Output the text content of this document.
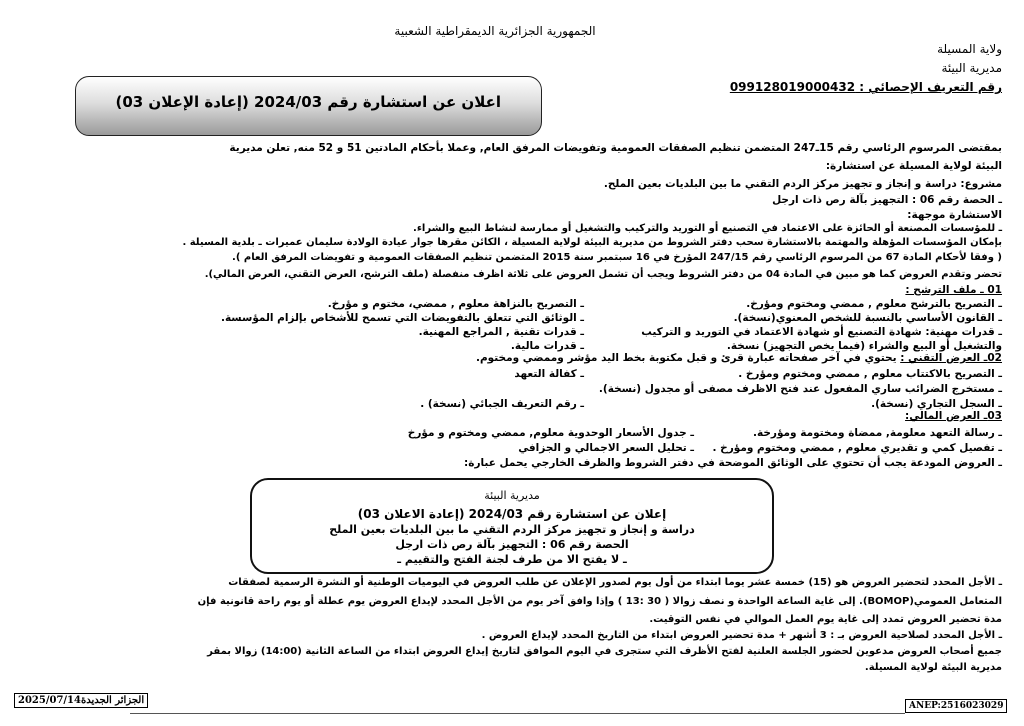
الجمهورية الجزائرية الديمقراطية الشعبية
ولاية المسيلة
مديرية البيئة
رقم التعريف الإحصائي : 099128019000432
اعلان عن استشارة رقم 2024/03 (إعادة الإعلان 03)
بمقتضى المرسوم الرئاسي رقم 15ـ247 المتضمن تنظيم الصفقات العمومية وتفويضات المرفق العام, وعملا بأحكام المادتين 51 و 52 منه, تعلن مديرية
البيئة لولاية المسيلة عن استشارة:
مشروع: دراسة و إنجاز و تجهيز مركز الردم التقني ما بين البلديات بعين الملح.
ـ الحصة رقم 06 : التجهيز بآلة رص ذات ارجل
الاستشارة موجهة:
ـ للمؤسسات المصنعة أو الحائزة على الاعتماد في التصنيع أو التوريد والتركيب والتشغيل أو ممارسة لنشاط البيع والشراء.
بإمكان المؤسسات المؤهلة والمهتمة بالاستشارة سحب دفتر الشروط من مديرية البيئة لولاية المسيلة ، الكائن مقرها جوار عيادة الولادة سليمان عميرات ـ بلدية المسيلة .
( وفقا لأحكام المادة 67 من المرسوم الرئاسي رقم 247/15 المؤرخ في 16 سبتمبر سنة 2015 المتضمن تنظيم الصفقات العمومية و تفويضات المرفق العام ).
تحضر وتقدم العروض كما هو مبين في المادة 04 من دفتر الشروط ويجب أن تشمل العروض على ثلاثة اظرف منفصلة (ملف الترشح، العرض التقني، العرض المالي).
01 ـ ملف الترشح :
ـ التصريح بالترشح معلوم , ممضي ومختوم ومؤرخ.
ـ القانون الأساسي بالنسبة للشخص المعنوي(نسخة).
ـ قدرات مهنية: شهادة التصنيع أو شهادة الاعتماد في التوريد و التركيب
والتشغيل أو البيع والشراء (فيما يخص التجهيز) نسخة.
ـ التصريح بالنزاهة معلوم , ممضي، مختوم و مؤرخ.
ـ الوثائق التي تتعلق بالتفويضات التي تسمح للأشخاص بإلزام المؤسسة.
ـ قدرات تقنية , المراجع المهنية.
ـ قدرات مالية.
02ـ العرض التقني : يحتوي في آخر صفحاته عبارة قرئ و قبل مكتوبة بخط اليد مؤشر وممضي ومختوم.
ـ التصريح بالاكتتاب معلوم , ممضي ومختوم ومؤرخ .
ـ كفالة التعهد
ـ مستخرج الضرائب ساري المفعول عند فتح الاظرف مصفى أو مجدول (نسخة).
ـ السجل التجاري (نسخة).
ـ رقم التعريف الجبائي (نسخة) .
03ـ العرض المالي:
ـ رسالة التعهد معلومة, ممضاة ومختومة ومؤرخة.
ـ جدول الأسعار الوحدوية معلوم, ممضي ومختوم و مؤرخ
ـ تفصيل كمي و تقديري معلوم , ممضي ومختوم ومؤرخ .
ـ تحليل السعر الاجمالي و الجزافي
ـ العروض المودعة يجب أن تحتوي على الوثائق الموضحة في دفتر الشروط والظرف الخارجي يحمل عبارة:
مديرية البيئة
إعلان عن استشارة رقم 2024/03 (إعادة الاعلان 03)
دراسة و إنجاز و تجهيز مركز الردم التقني ما بين البلديات بعين الملح
الحصة رقم 06 : التجهيز بآلة رص ذات ارجل
ـ لا يفتح الا من طرف لجنة الفتح والتقييم ـ
ـ الأجل المحدد لتحضير العروض هو (15) خمسة عشر يوما ابتداء من أول يوم لصدور الإعلان عن طلب العروض في اليوميات الوطنية أو النشرة الرسمية لصفقات
المتعامل العمومي(BOMOP). إلى غاية الساعة الواحدة و نصف زوالا ( 30 :13 ) وإذا وافق آخر يوم من الأجل المحدد لإيداع العروض يوم عطلة أو يوم راحة قانونية فإن
مدة تحضير العروض تمدد إلى غاية يوم العمل الموالي في نفس التوقيت.
ـ الأجل المحدد لصلاحية العروض بـ : 3 أشهر + مدة تحضير العروض ابتداء من التاريخ المحدد لإيداع العروض .
جميع أصحاب العروض مدعوين لحضور الجلسة العلنية لفتح الأظرف التي ستجرى في اليوم الموافق لتاريخ إيداع العروض ابتداء من الساعة الثانية (14:00) زوالا بمقر
مديرية البيئة لولاية المسيلة.
الجزائر الجديدة2025/07/14	ANEP:2516023029
